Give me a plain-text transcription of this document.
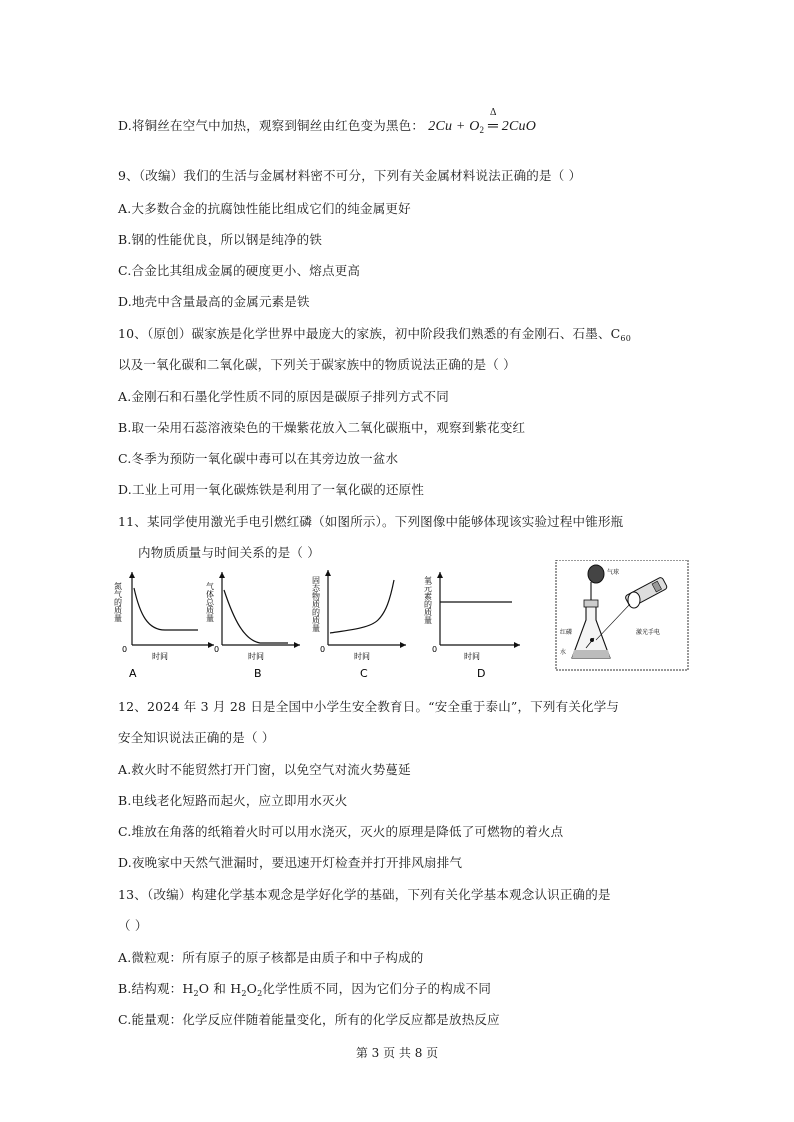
D.将铜丝在空气中加热，观察到铜丝由红色变为黑色： $2Cu + O_2$
Δ
═ 2CuO
9、（改编）我们的生活与金属材料密不可分，下列有关金属材料说法正确的是（ ）
A.大多数合金的抗腐蚀性能比组成它们的纯金属更好
B.钢的性能优良，所以钢是纯净的铁
C.合金比其组成金属的硬度更小、熔点更高
D.地壳中含量最高的金属元素是铁
10、（原创）碳家族是化学世界中最庞大的家族，初中阶段我们熟悉的有金刚石、石墨、$C_{60}$
以及一氧化碳和二氧化碳，下列关于碳家族中的物质说法正确的是（ ）
A.金刚石和石墨化学性质不同的原因是碳原子排列方式不同
B.取一朵用石蕊溶液染色的干燥紫花放入二氧化碳瓶中，观察到紫花变红
C.冬季为预防一氧化碳中毒可以在其旁边放一盆水
D.工业上可用一氧化碳炼铁是利用了一氧化碳的还原性
11、某同学使用激光手电引燃红磷（如图所示）。下列图像中能够体现该实验过程中锥形瓶
内物质质量与时间关系的是（ ）
氮气的质量
时间
0
A
气体总质量
时间
0
B
固态物质的质量
时间
0
C
氧元素的质量
时间
0
D
气球
红磷
水
激光手电
12、2024 年 3 月 28 日是全国中小学生安全教育日。“安全重于泰山”，下列有关化学与
安全知识说法正确的是（ ）
A.救火时不能贸然打开门窗，以免空气对流火势蔓延
B.电线老化短路而起火，应立即用水灭火
C.堆放在角落的纸箱着火时可以用水浇灭，灭火的原理是降低了可燃物的着火点
D.夜晚家中天然气泄漏时，要迅速开灯检查并打开排风扇排气
13、（改编）构建化学基本观念是学好化学的基础，下列有关化学基本观念认识正确的是
（ ）
A.微粒观：所有原子的原子核都是由质子和中子构成的
B.结构观：$H_2O$ 和 $H_2O_2$化学性质不同，因为它们分子的构成不同
C.能量观：化学反应伴随着能量变化，所有的化学反应都是放热反应
第 3 页 共 8 页
